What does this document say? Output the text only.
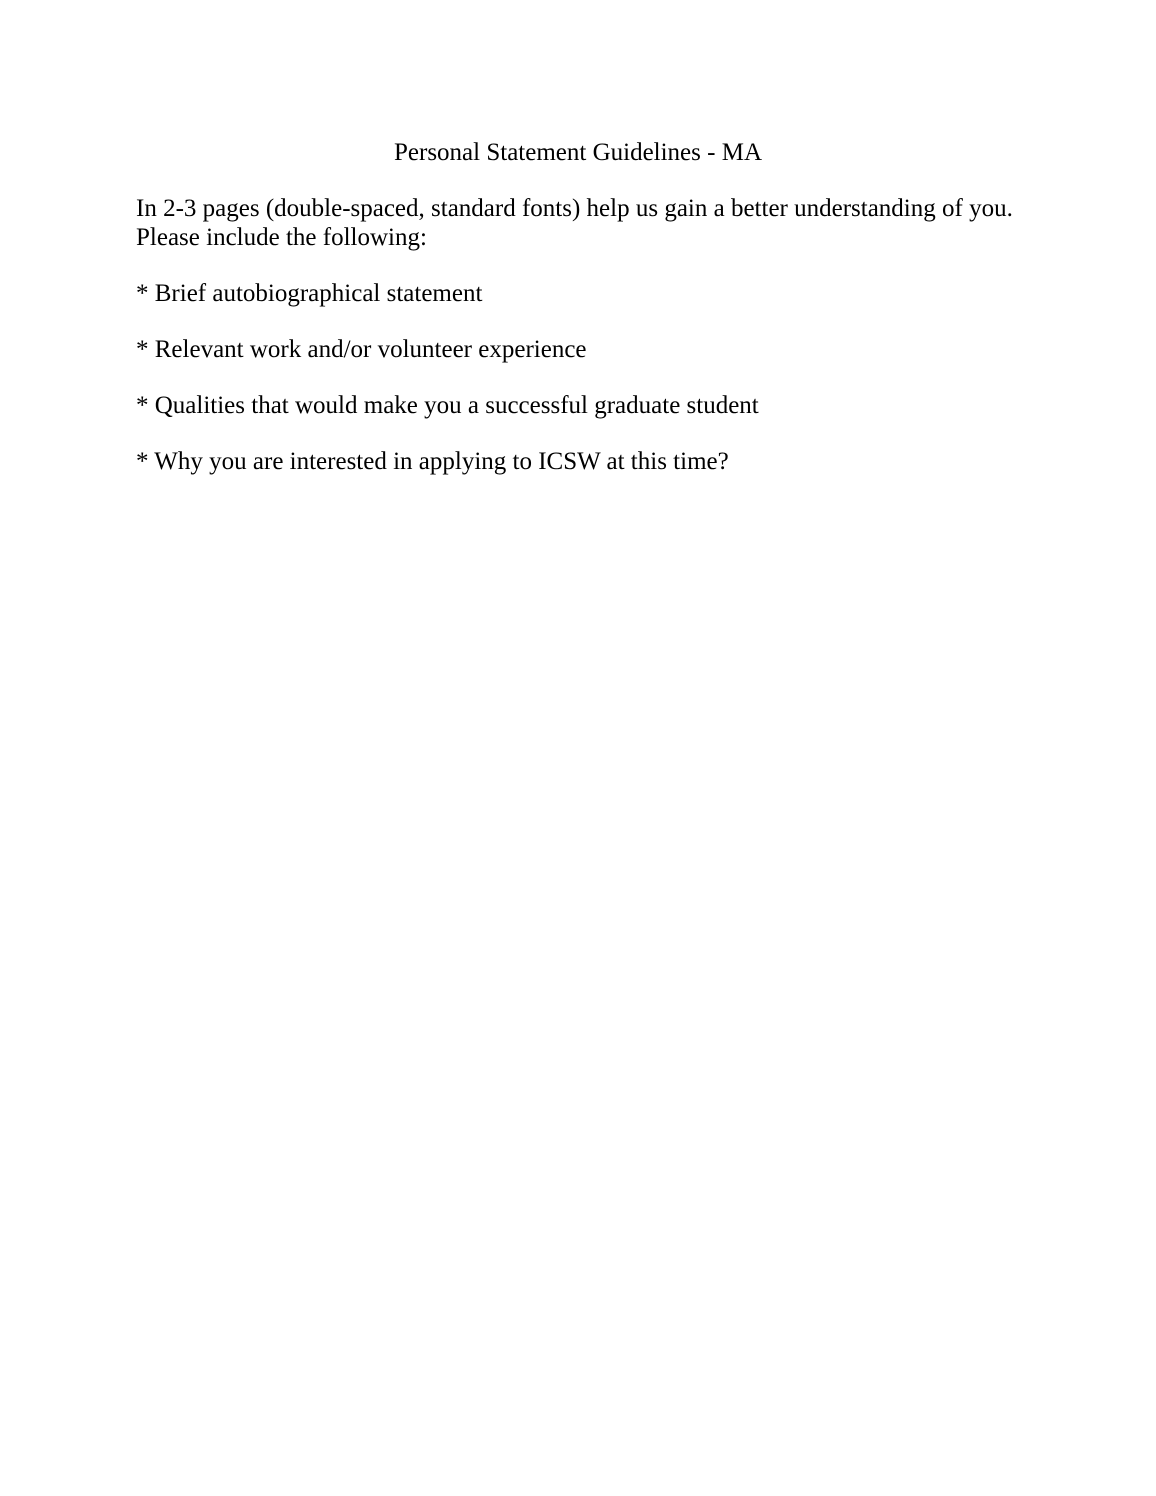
Personal Statement Guidelines - MA

In 2-3 pages (double-spaced, standard fonts) help us gain a better understanding of you. Please include the following:

* Brief autobiographical statement
* Relevant work and/or volunteer experience
* Qualities that would make you a successful graduate student
* Why you are interested in applying to ICSW at this time?
